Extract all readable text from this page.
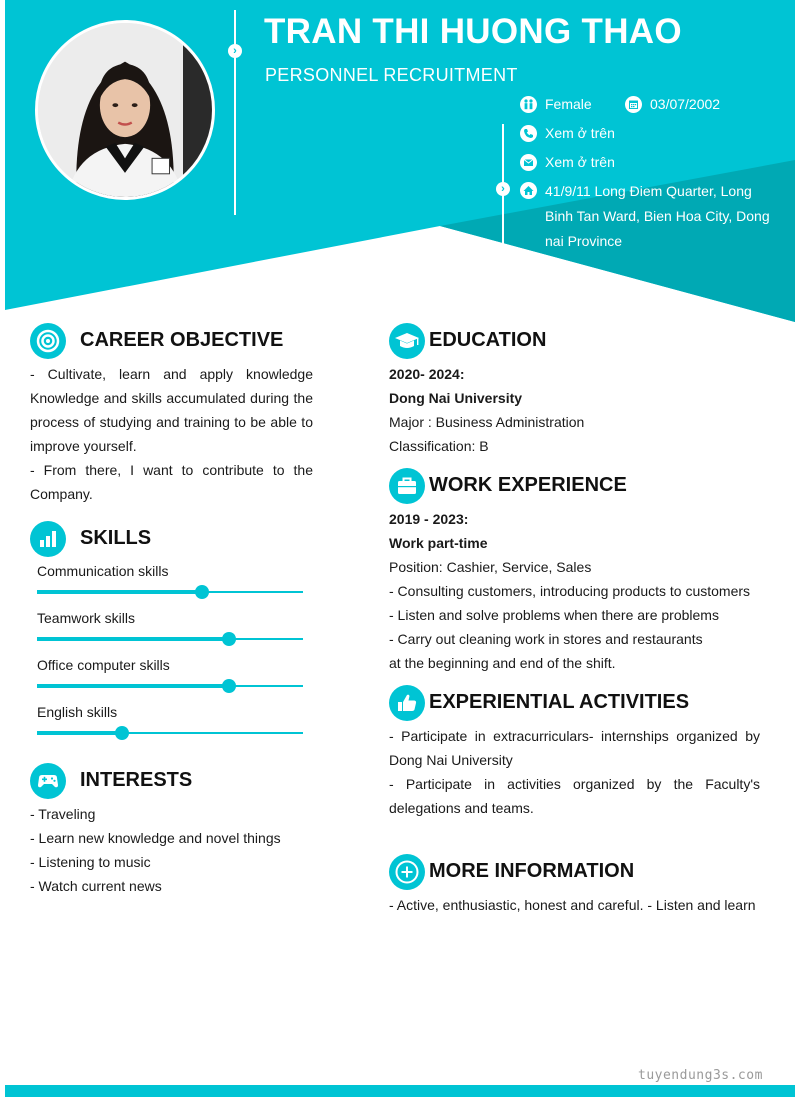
›
›
TRAN THI HUONG THAO
PERSONNEL RECRUITMENT
Female	03/07/2002
Xem ở trên
Xem ở trên
41/9/11 Long Điem Quarter, Long Binh Tan Ward, Bien Hoa City, Dong nai Province
CAREER OBJECTIVE
- Cultivate, learn and apply knowledge Knowledge and skills accumulated during the process of studying and training to be able to improve yourself.
- From there, I want to contribute to the Company.
SKILLS
Communication skills
Teamwork skills
Office computer skills
English skills
INTERESTS
- Traveling
- Learn new knowledge and novel things
- Listening to music
- Watch current news
EDUCATION
2020- 2024:
Dong Nai University
Major : Business Administration
Classification: B
WORK EXPERIENCE
2019 - 2023:
Work part-time
Position: Cashier, Service, Sales
- Consulting customers, introducing products to customers
- Listen and solve problems when there are problems
- Carry out cleaning work in stores and restaurants
at the beginning and end of the shift.
EXPERIENTIAL ACTIVITIES
- Participate in extracurriculars- internships organized by Dong Nai University
- Participate in activities organized by the Faculty's delegations and teams.
MORE INFORMATION
- Active, enthusiastic, honest and careful. - Listen and learn
tuyendung3s.com
